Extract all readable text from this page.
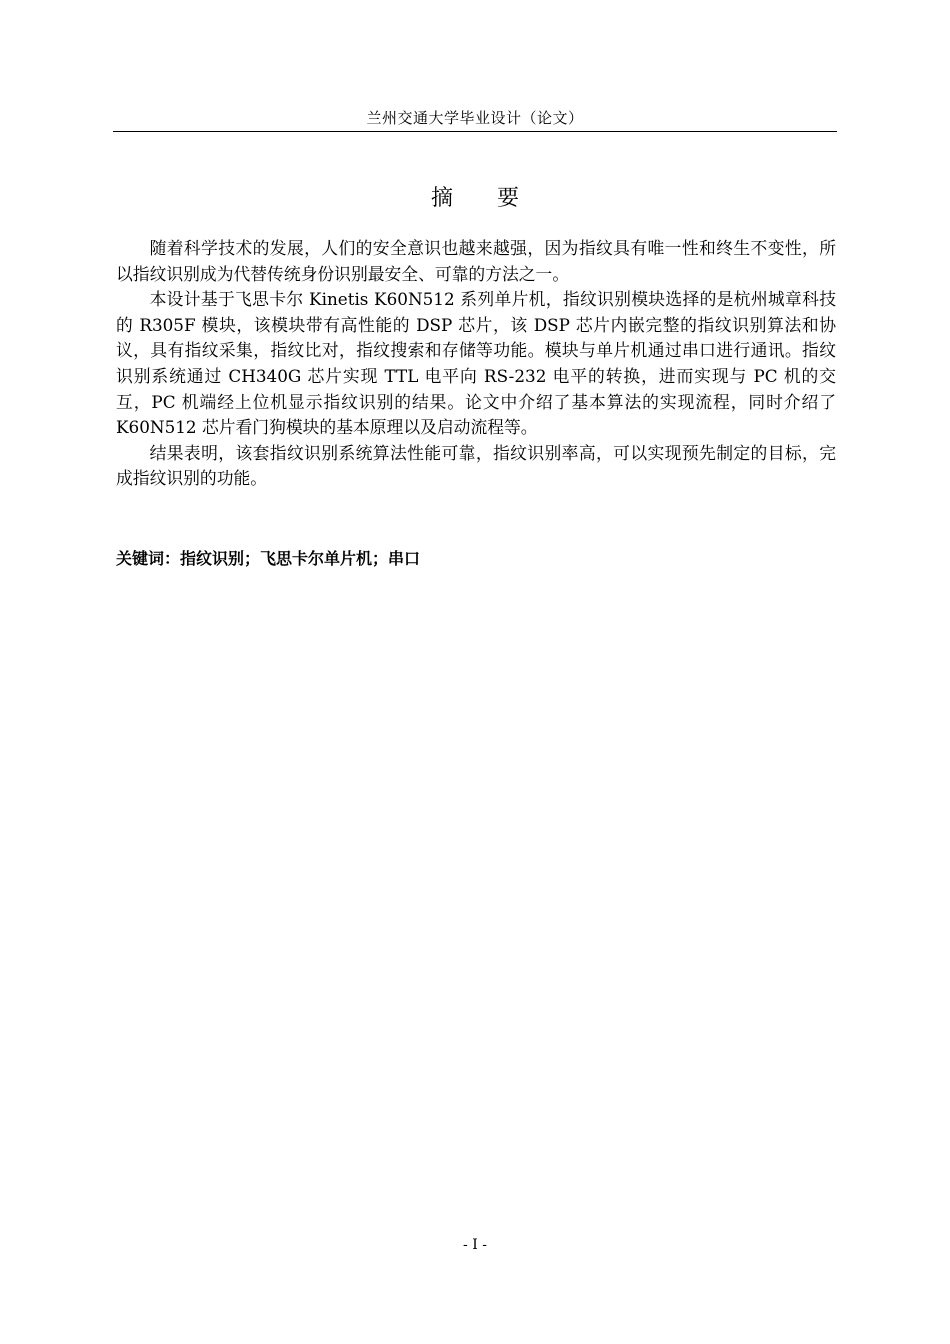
兰州交通大学毕业设计（论文）
摘 要

随着科学技术的发展，人们的安全意识也越来越强，因为指纹具有唯一性和终生不变性，所以指纹识别成为代替传统身份识别最安全、可靠的方法之一。

本设计基于飞思卡尔 Kinetis K60N512 系列单片机，指纹识别模块选择的是杭州城章科技的 R305F 模块，该模块带有高性能的 DSP 芯片，该 DSP 芯片内嵌完整的指纹识别算法和协议，具有指纹采集，指纹比对，指纹搜索和存储等功能。模块与单片机通过串口进行通讯。指纹识别系统通过 CH340G 芯片实现 TTL 电平向 RS-232 电平的转换，进而实现与 PC 机的交互，PC 机端经上位机显示指纹识别的结果。论文中介绍了基本算法的实现流程，同时介绍了 K60N512 芯片看门狗模块的基本原理以及启动流程等。

结果表明，该套指纹识别系统算法性能可靠，指纹识别率高，可以实现预先制定的目标，完成指纹识别的功能。

关键词：指纹识别；飞思卡尔单片机；串口
- I -
